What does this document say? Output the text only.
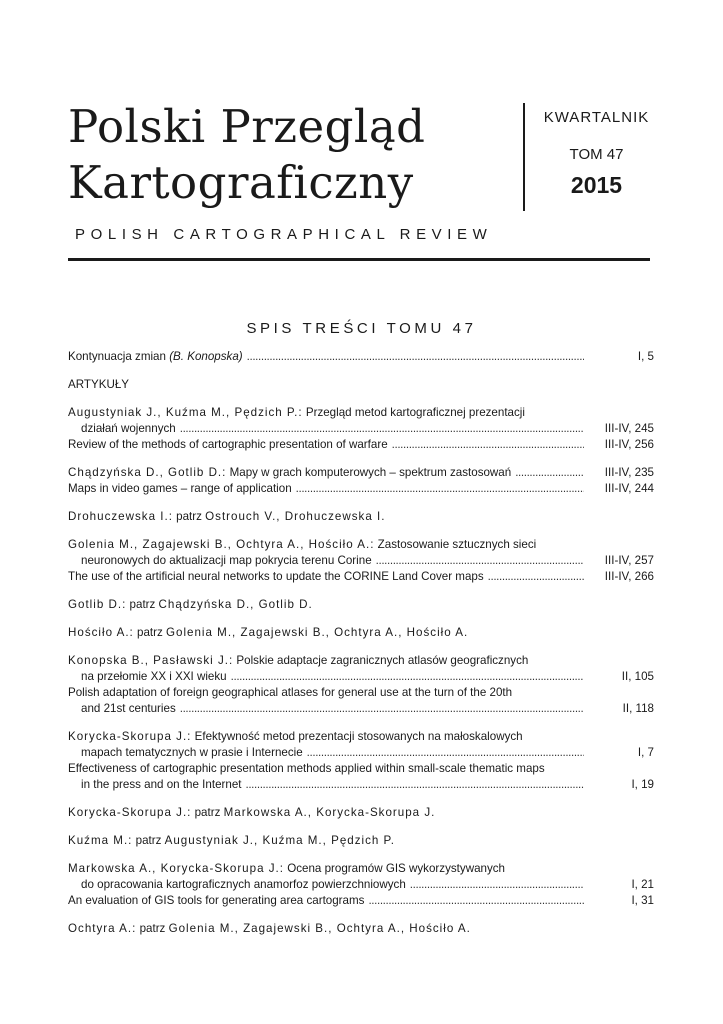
Polski Przegląd
Kartograficzny
KWARTALNIK
TOM 47
2015
POLISH CARTOGRAPHICAL REVIEW
SPIS TREŚCI TOMU 47
Kontynuacja zmian (B. Konopska) . . .	I, 5
ARTYKUŁY
Augustyniak J., Kuźma M., Pędzich P.: Przegląd metod kartograficznej prezentacji
działań wojennych . . .	III-IV, 245
Review of the methods of cartographic presentation of warfare . . .	III-IV, 256
Chądzyńska D., Gotlib D.: Mapy w grach komputerowych – spektrum zastosowań . . .	III-IV, 235
Maps in video games – range of application . . .	III-IV, 244
Drohuczewska I.: patrz Ostrouch V., Drohuczewska I.
Golenia M., Zagajewski B., Ochtyra A., Hościło A.: Zastosowanie sztucznych sieci
neuronowych do aktualizacji map pokrycia terenu Corine . . .	III-IV, 257
The use of the artificial neural networks to update the CORINE Land Cover maps . . .	III-IV, 266
Gotlib D.: patrz Chądzyńska D., Gotlib D.
Hościło A.: patrz Golenia M., Zagajewski B., Ochtyra A., Hościło A.
Konopska B., Pasławski J.: Polskie adaptacje zagranicznych atlasów geograficznych
na przełomie XX i XXI wieku . . .	II, 105
Polish adaptation of foreign geographical atlases for general use at the turn of the 20th
and 21st centuries . . .	II, 118
Korycka-Skorupa J.: Efektywność metod prezentacji stosowanych na małoskalowych
mapach tematycznych w prasie i Internecie . . .	I, 7
Effectiveness of cartographic presentation methods applied within small-scale thematic maps
in the press and on the Internet . . .	I, 19
Korycka-Skorupa J.: patrz Markowska A., Korycka-Skorupa J.
Kuźma M.: patrz Augustyniak J., Kuźma M., Pędzich P.
Markowska A., Korycka-Skorupa J.: Ocena programów GIS wykorzystywanych
do opracowania kartograficznych anamorfoz powierzchniowych . . .	I, 21
An evaluation of GIS tools for generating area cartograms . . .	I, 31
Ochtyra A.: patrz Golenia M., Zagajewski B., Ochtyra A., Hościło A.
